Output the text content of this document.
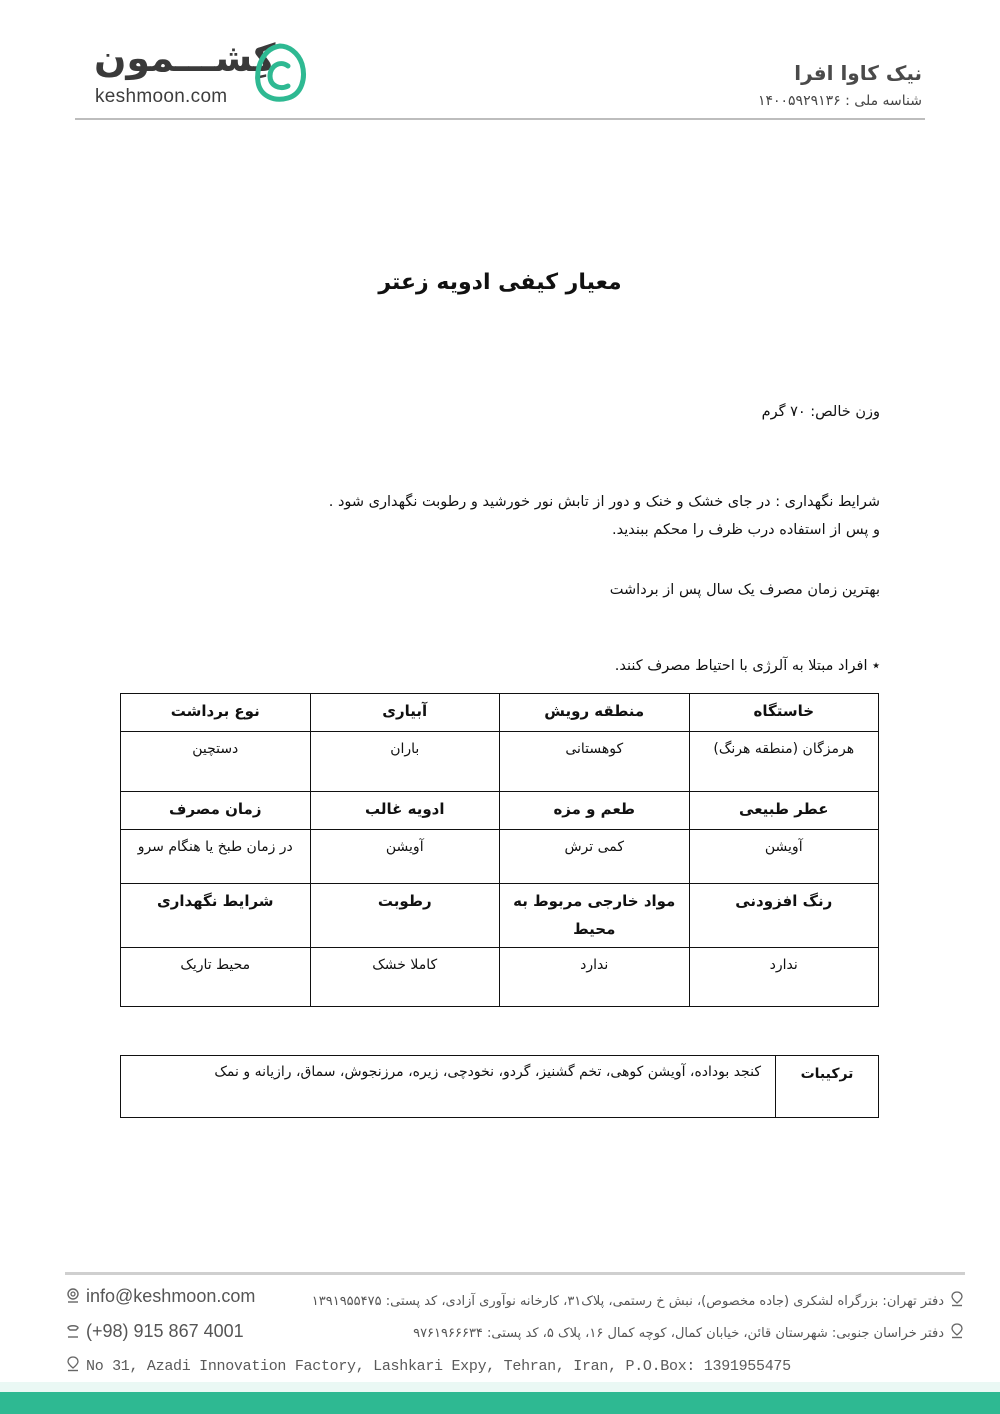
کِشـــمون
keshmoon.com
نیک کاوا افرا
شناسه ملی : ۱۴۰۰۵۹۲۹۱۳۶
معیار کیفی ادویه زعتر
وزن خالص: ۷۰ گرم
شرایط نگهداری : در جای خشک و خنک و دور از تابش نور خورشید و رطوبت نگهداری شود .
و پس از استفاده درب ظرف را محکم ببندید.
بهترین زمان مصرف یک سال پس از برداشت
٭ افراد مبتلا به آلرژی با احتیاط مصرف کنند.
خاستگاه	منطقه رویش	آبیاری	نوع برداشت
هرمزگان (منطقه هرنگ)	کوهستانی	باران	دستچین
عطر طبیعی	طعم و مزه	ادویه غالب	زمان مصرف
آویشن	کمی ترش	آویشن	در زمان طبخ یا هنگام سرو
رنگ افزودنی	مواد خارجی مربوط به محیط	رطوبت	شرایط نگهداری
ندارد	ندارد	کاملا خشک	محیط تاریک
ترکیبات	کنجد بوداده، آویشن کوهی، تخم گشنیز، گردو، نخودچی، زیره، مرزنجوش، سماق، رازیانه و نمک
info@keshmoon.com
(+98) 915 867 4001
No 31, Azadi Innovation Factory, Lashkari Expy, Tehran, Iran, P.O.Box: 1391955475
دفتر تهران: بزرگراه لشکری (جاده مخصوص)، نبش خ رستمی، پلاک۳۱، کارخانه نوآوری آزادی، کد پستی: ۱۳۹۱۹۵۵۴۷۵
دفتر خراسان جنوبی: شهرستان قائن، خیابان کمال، کوچه کمال ۱۶، پلاک ۵، کد پستی: ۹۷۶۱۹۶۶۶۳۴
